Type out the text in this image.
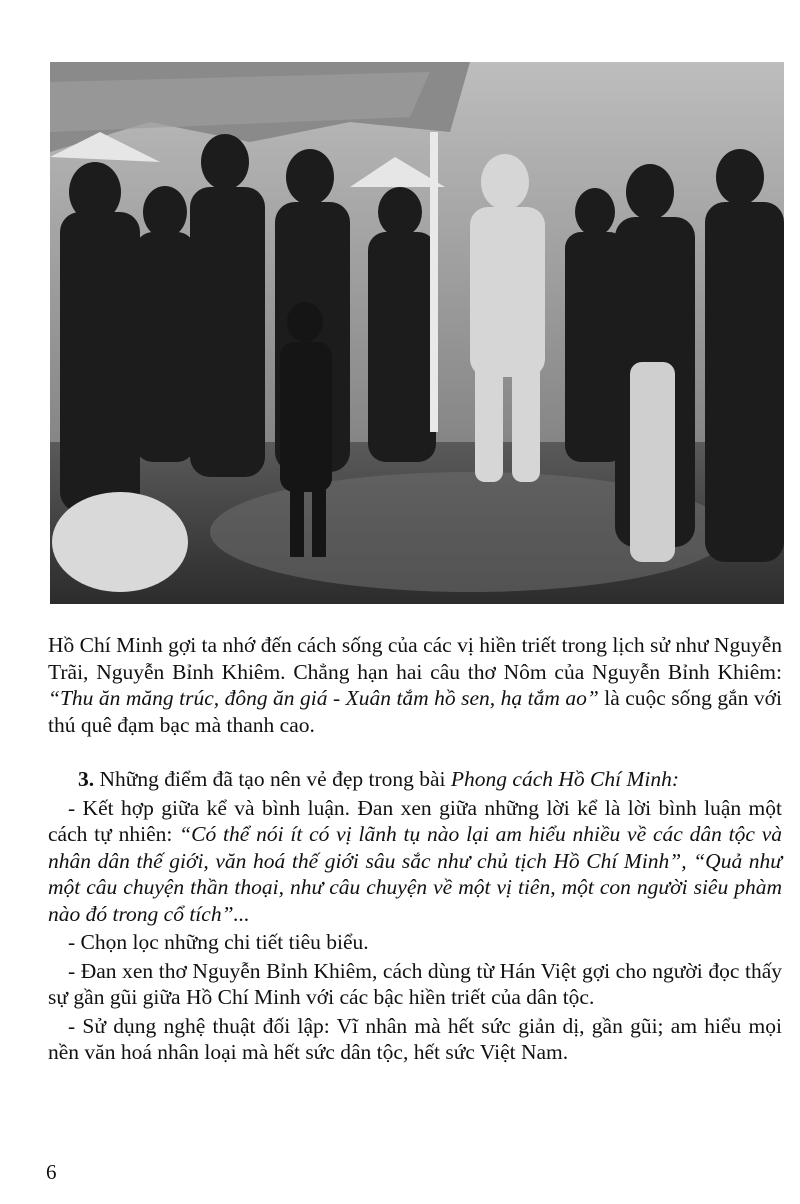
Hồ Chí Minh gợi ta nhớ đến cách sống của các vị hiền triết trong lịch sử như Nguyễn Trãi, Nguyễn Bỉnh Khiêm. Chẳng hạn hai câu thơ Nôm của Nguyễn Bỉnh Khiêm: “Thu ăn măng trúc, đông ăn giá - Xuân tắm hồ sen, hạ tắm ao” là cuộc sống gắn với thú quê đạm bạc mà thanh cao.

3. Những điểm đã tạo nên vẻ đẹp trong bài Phong cách Hồ Chí Minh:

- Kết hợp giữa kể và bình luận. Đan xen giữa những lời kể là lời bình luận một cách tự nhiên: “Có thể nói ít có vị lãnh tụ nào lại am hiểu nhiều về các dân tộc và nhân dân thế giới, văn hoá thế giới sâu sắc như chủ tịch Hồ Chí Minh”, “Quả như một câu chuyện thần thoại, như câu chuyện về một vị tiên, một con người siêu phàm nào đó trong cổ tích”...

- Chọn lọc những chi tiết tiêu biểu.

- Đan xen thơ Nguyễn Bỉnh Khiêm, cách dùng từ Hán Việt gợi cho người đọc thấy sự gần gũi giữa Hồ Chí Minh với các bậc hiền triết của dân tộc.

- Sử dụng nghệ thuật đối lập: Vĩ nhân mà hết sức giản dị, gần gũi; am hiểu mọi nền văn hoá nhân loại mà hết sức dân tộc, hết sức Việt Nam.

6
